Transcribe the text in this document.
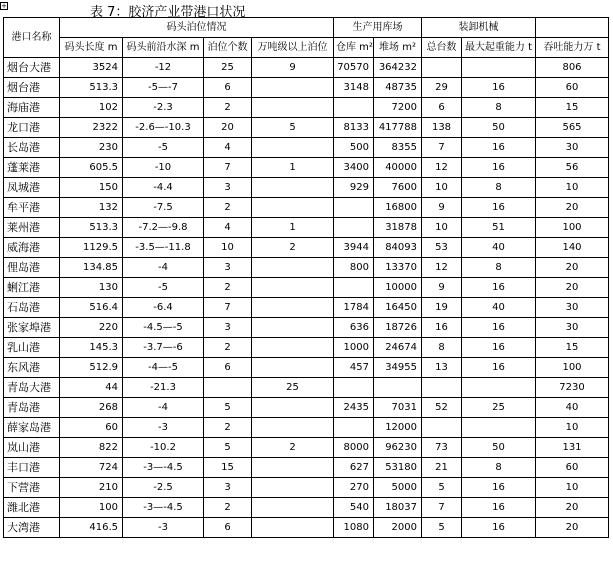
+	表 7：胶济产业带港口状况
港口名称	码头泊位情况				生产用库场		装卸机械		
	码头长度 m	码头前沿水深 m	泊位个数	万吨级以上泊位	仓库 m²	堆场 m²	总台数	最大起重能力 t	吞吐能力万 t
烟台大港	3524	-12	25	9	70570	364232			806
烟台港	513.3	-5—-7	6		3148	48735	29	16	60
海庙港	102	-2.3	2			7200	6	8	15
龙口港	2322	-2.6—-10.3	20	5	8133	417788	138	50	565
长岛港	230	-5	4		500	8355	7	16	30
蓬莱港	605.5	-10	7	1	3400	40000	12	16	56
凤城港	150	-4.4	3		929	7600	10	8	10
牟平港	132	-7.5	2			16800	9	16	20
莱州港	513.3	-7.2—-9.8	4	1		31878	10	51	100
威海港	1129.5	-3.5—-11.8	10	2	3944	84093	53	40	140
俚岛港	134.85	-4	3		800	13370	12	8	20
蜊江港	130	-5	2			10000	9	16	20
石岛港	516.4	-6.4	7		1784	16450	19	40	30
张家埠港	220	-4.5—-5	3		636	18726	16	16	30
乳山港	145.3	-3.7—-6	2		1000	24674	8	16	15
东风港	512.9	-4—-5	6		457	34955	13	16	100
青岛大港	44	-21.3		25					7230
青岛港	268	-4	5		2435	7031	52	25	40
薛家岛港	60	-3	2			12000			10
岚山港	822	-10.2	5	2	8000	96230	73	50	131
丰口港	724	-3—-4.5	15		627	53180	21	8	60
下营港	210	-2.5	3		270	5000	5	16	10
潍北港	100	-3—-4.5	2		540	18037	7	16	20
大湾港	416.5	-3	6		1080	2000	5	16	20
